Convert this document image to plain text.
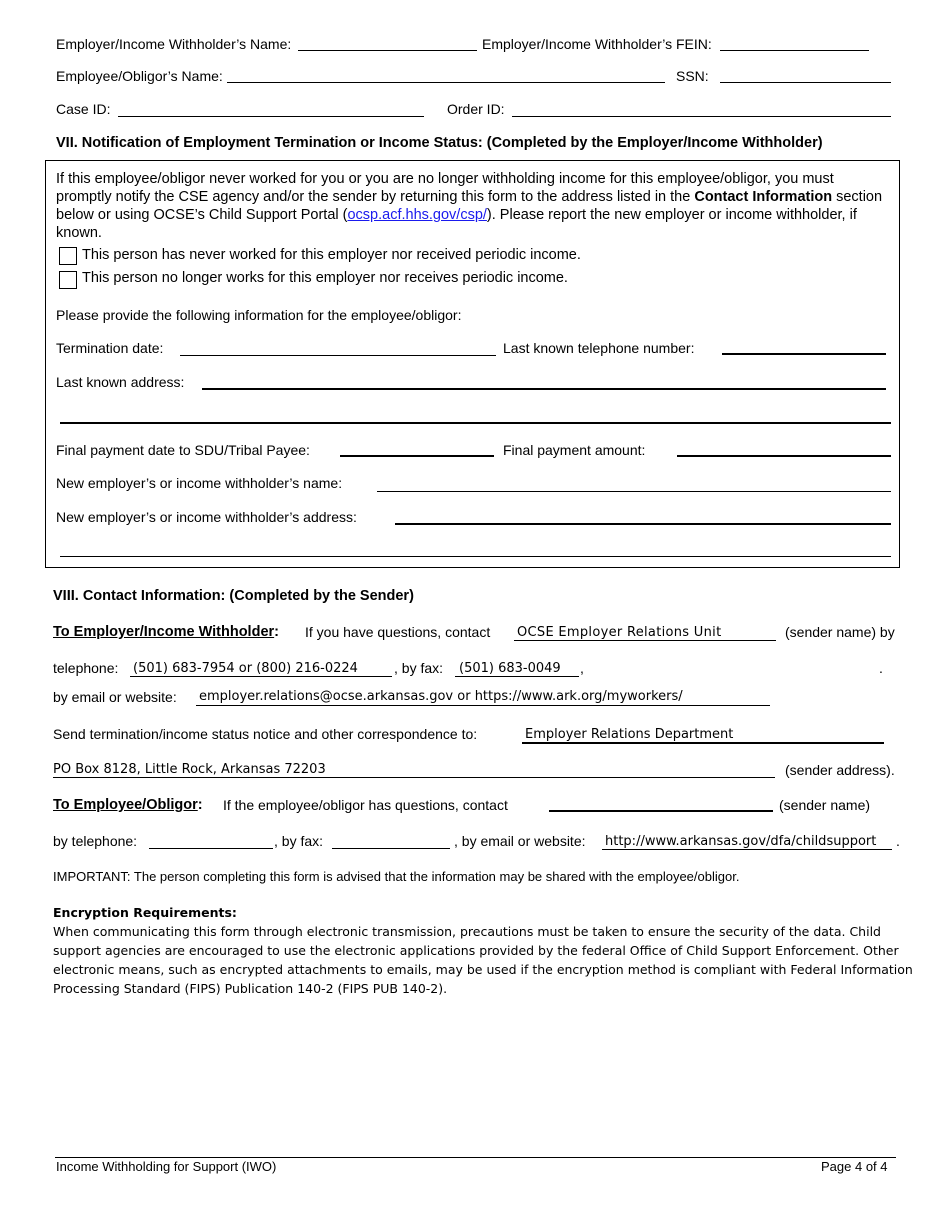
Employer/Income Withholder’s Name:	Employer/Income Withholder’s FEIN:
Employee/Obligor’s Name:	SSN:
Case ID:	Order ID:
VII. Notification of Employment Termination or Income Status: (Completed by the Employer/Income Withholder)
If this employee/obligor never worked for you or you are no longer withholding income for this employee/obligor, you must promptly notify the CSE agency and/or the sender by returning this form to the address listed in the Contact Information section below or using OCSE’s Child Support Portal (ocsp.acf.hhs.gov/csp/). Please report the new employer or income withholder, if known.
This person has never worked for this employer nor received periodic income.
This person no longer works for this employer nor receives periodic income.
Please provide the following information for the employee/obligor:
Termination date:	Last known telephone number:
Last known address:
Final payment date to SDU/Tribal Payee:	Final payment amount:
New employer’s or income withholder’s name:
New employer’s or income withholder’s address:
VIII. Contact Information: (Completed by the Sender)
To Employer/Income Withholder: If you have questions, contact OCSE Employer Relations Unit	(sender name) by
telephone: (501) 683-7954 or (800) 216-0224	, by fax: (501) 683-0049 ,	.
by email or website: employer.relations@ocse.arkansas.gov or https://www.ark.org/myworkers/
Send termination/income status notice and other correspondence to:	Employer Relations Department
PO Box 8128, Little Rock, Arkansas 72203	(sender address).
To Employee/Obligor: If the employee/obligor has questions, contact	(sender name)
by telephone:	, by fax:	, by email or website: http://www.arkansas.gov/dfa/childsupport .
IMPORTANT: The person completing this form is advised that the information may be shared with the employee/obligor.
Encryption Requirements:
When communicating this form through electronic transmission, precautions must be taken to ensure the security of the data. Child support agencies are encouraged to use the electronic applications provided by the federal Office of Child Support Enforcement. Other electronic means, such as encrypted attachments to emails, may be used if the encryption method is compliant with Federal Information Processing Standard (FIPS) Publication 140-2 (FIPS PUB 140-2).
Income Withholding for Support (IWO)	Page 4 of 4
